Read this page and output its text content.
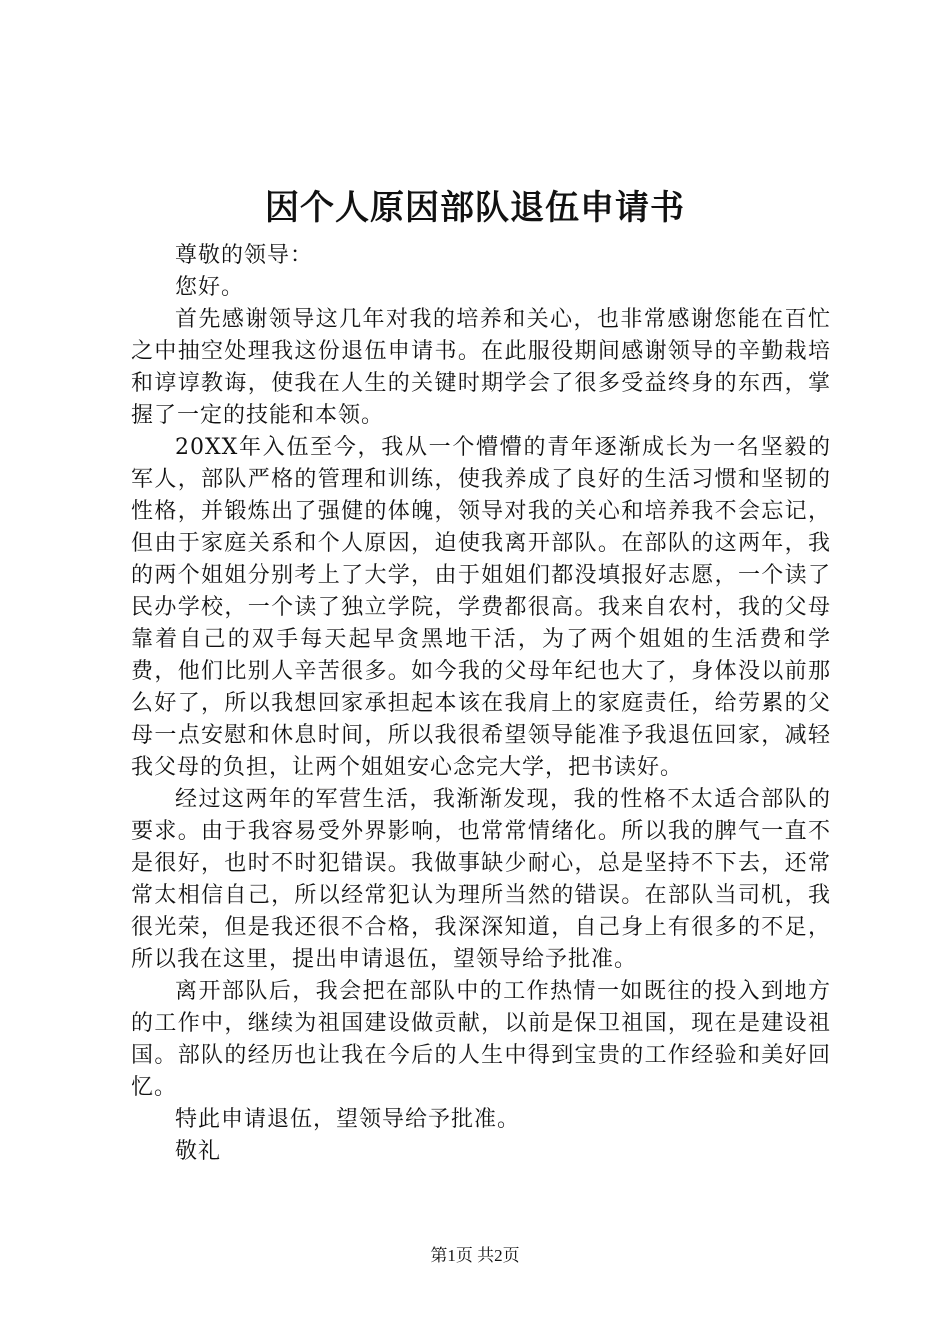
因个人原因部队退伍申请书

尊敬的领导：

您好。

首先感谢领导这几年对我的培养和关心，也非常感谢您能在百忙之中抽空处理我这份退伍申请书。在此服役期间感谢领导的辛勤栽培和谆谆教诲，使我在人生的关键时期学会了很多受益终身的东西，掌握了一定的技能和本领。

20XX年入伍至今，我从一个懵懵的青年逐渐成长为一名坚毅的军人，部队严格的管理和训练，使我养成了良好的生活习惯和坚韧的性格，并锻炼出了强健的体魄，领导对我的关心和培养我不会忘记，但由于家庭关系和个人原因，迫使我离开部队。在部队的这两年，我的两个姐姐分别考上了大学，由于姐姐们都没填报好志愿，一个读了民办学校，一个读了独立学院，学费都很高。我来自农村，我的父母靠着自己的双手每天起早贪黑地干活，为了两个姐姐的生活费和学费，他们比别人辛苦很多。如今我的父母年纪也大了，身体没以前那么好了，所以我想回家承担起本该在我肩上的家庭责任，给劳累的父母一点安慰和休息时间，所以我很希望领导能准予我退伍回家，减轻我父母的负担，让两个姐姐安心念完大学，把书读好。

经过这两年的军营生活，我渐渐发现，我的性格不太适合部队的要求。由于我容易受外界影响，也常常情绪化。所以我的脾气一直不是很好，也时不时犯错误。我做事缺少耐心，总是坚持不下去，还常常太相信自己，所以经常犯认为理所当然的错误。在部队当司机，我很光荣，但是我还很不合格，我深深知道，自己身上有很多的不足，所以我在这里，提出申请退伍，望领导给予批准。

离开部队后，我会把在部队中的工作热情一如既往的投入到地方的工作中，继续为祖国建设做贡献，以前是保卫祖国，现在是建设祖国。部队的经历也让我在今后的人生中得到宝贵的工作经验和美好回忆。

特此申请退伍，望领导给予批准。

敬礼

第1页 共2页
